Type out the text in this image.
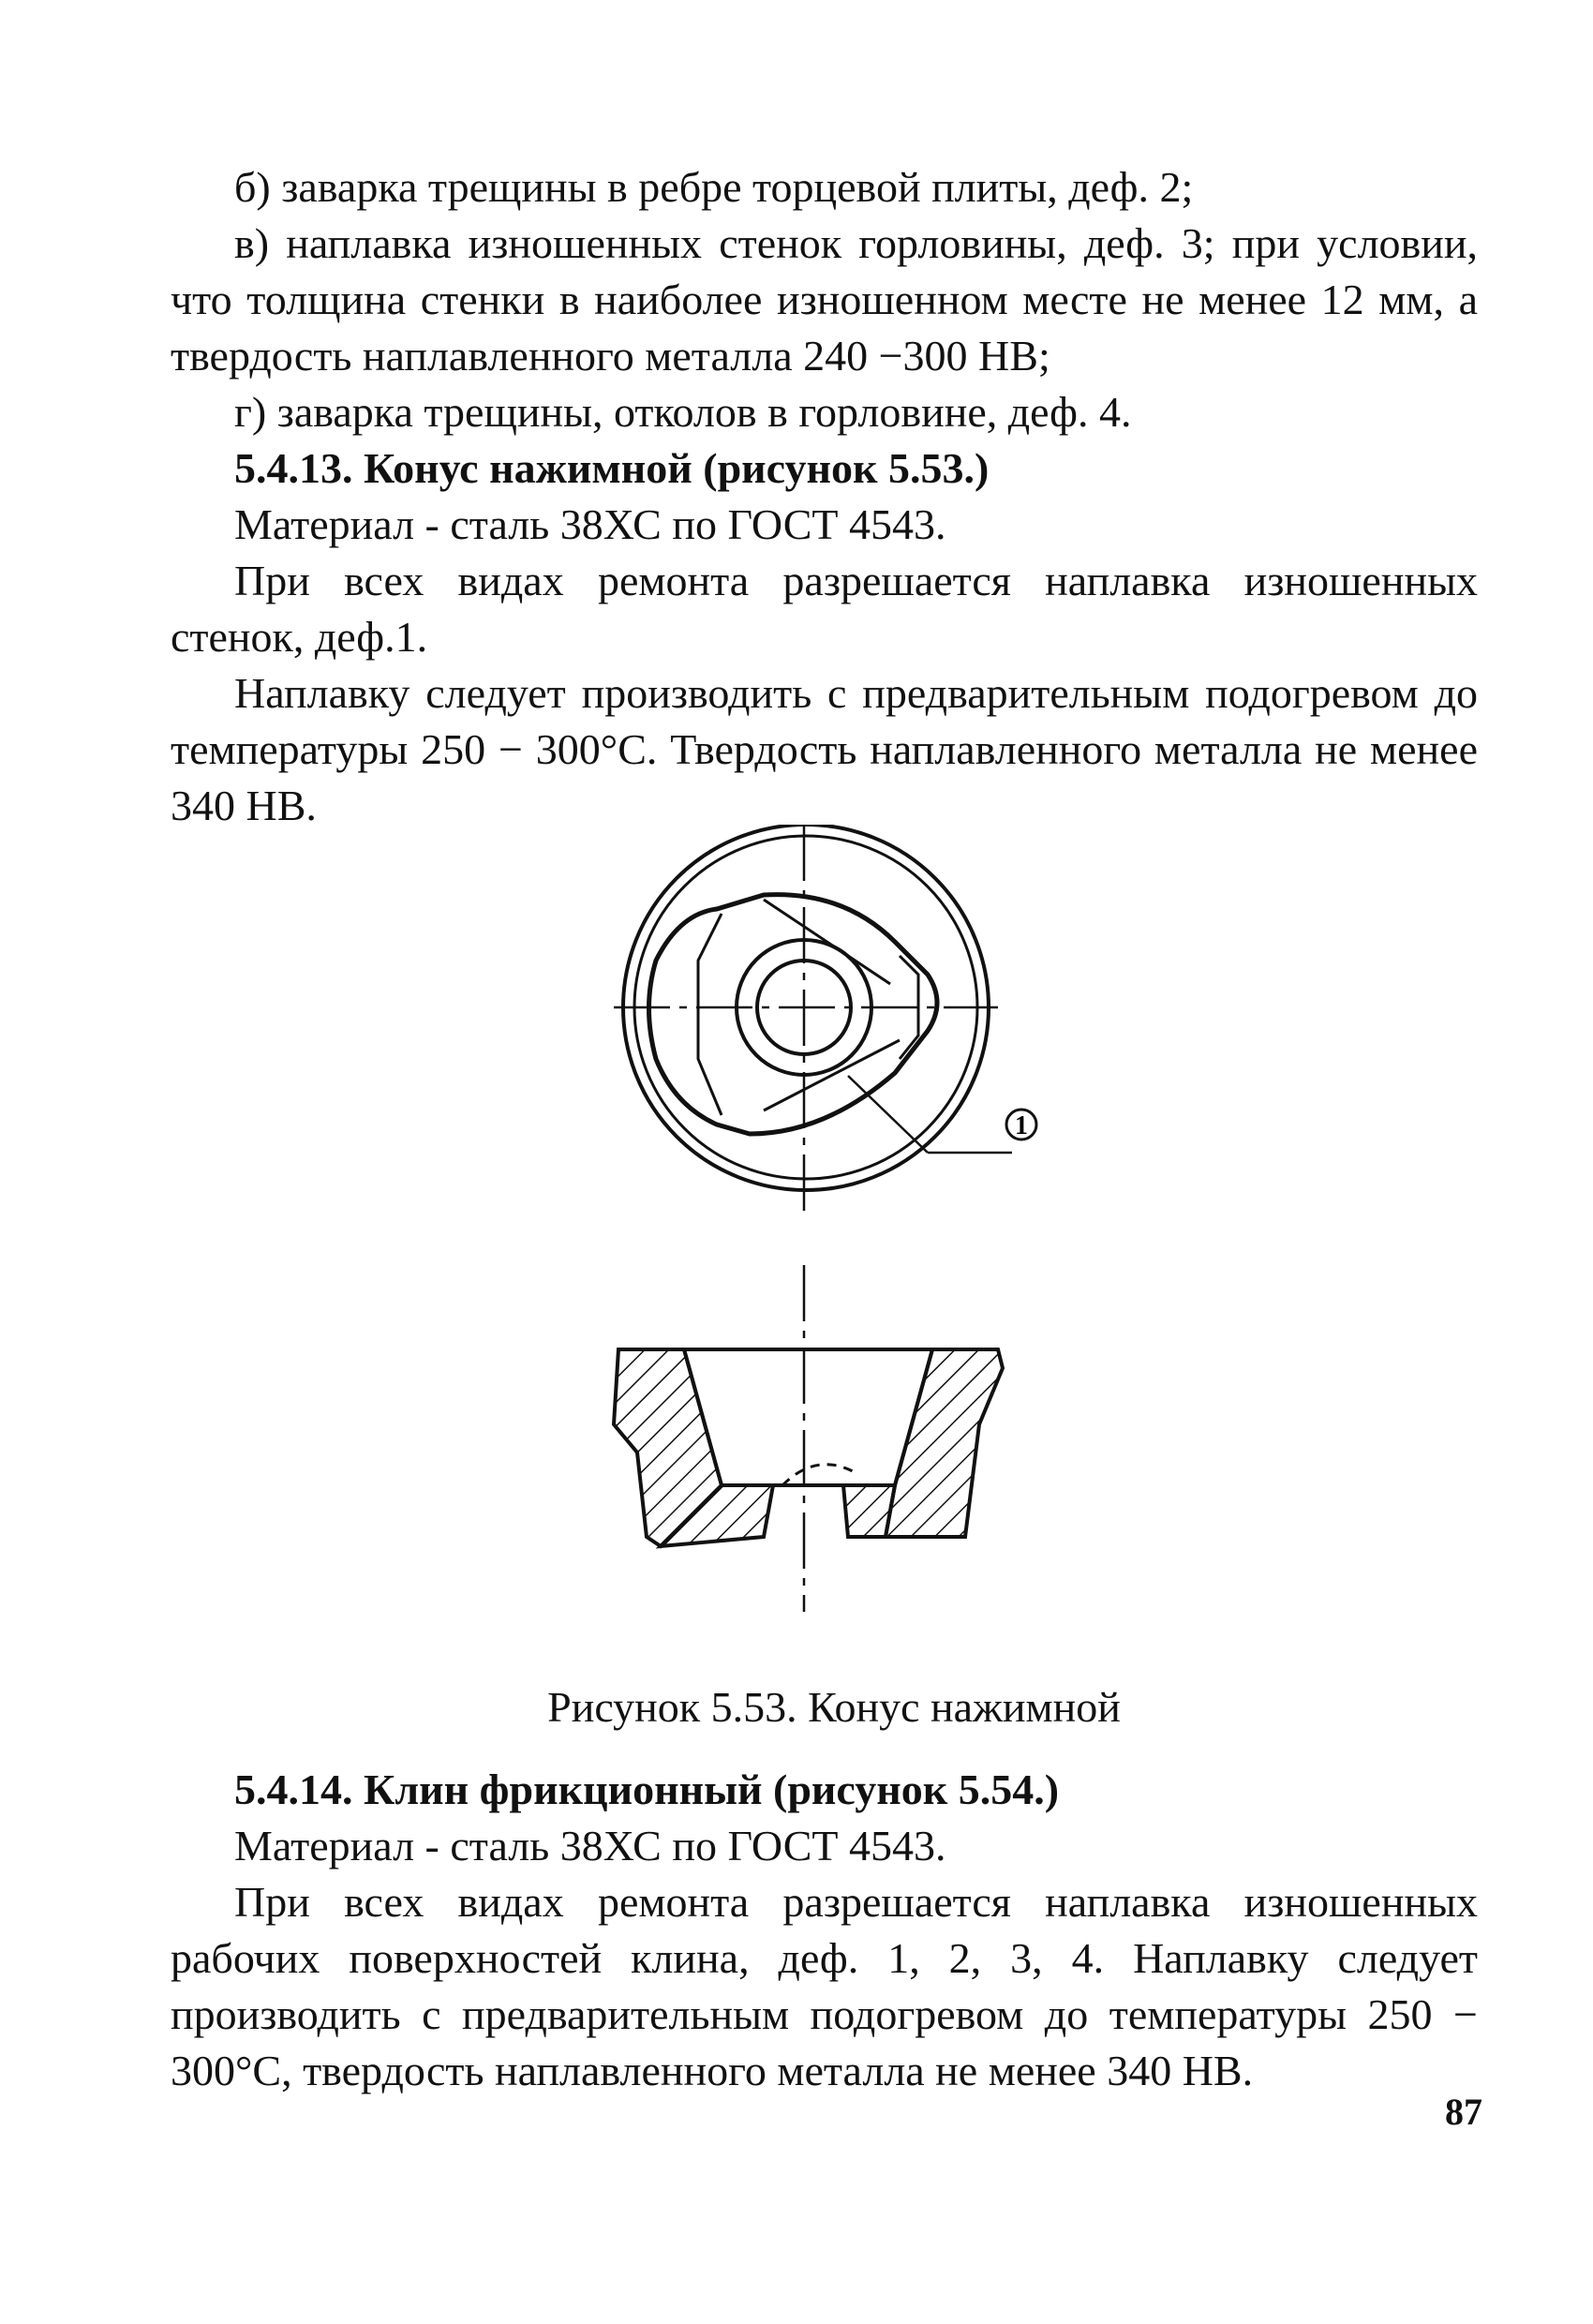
б) заварка трещины в ребре торцевой плиты, деф. 2;

в) наплавка изношенных стенок горловины, деф. 3; при условии, что толщина стенки в наиболее изношенном месте не менее 12 мм, а твердость наплавленного металла 240 −300 НВ;

г) заварка трещины, отколов в горловине, деф. 4.

5.4.13. Конус нажимной (рисунок 5.53.)

Материал - сталь 38ХС по ГОСТ 4543.

При всех видах ремонта разрешается наплавка изношенных стенок, деф.1.

Наплавку следует производить с предварительным подогревом до температуры 250 − 300°С. Твердость наплавленного металла не менее 340 НВ.

1
Рисунок 5.53. Конус нажимной

5.4.14. Клин фрикционный (рисунок 5.54.)

Материал - сталь 38ХС по ГОСТ 4543.

При всех видах ремонта разрешается наплавка изношенных рабочих поверхностей клина, деф. 1, 2, 3, 4. Наплавку следует производить с предварительным подогревом до температуры 250 − 300°С, твердость наплавленного металла не менее 340 НВ.

87
